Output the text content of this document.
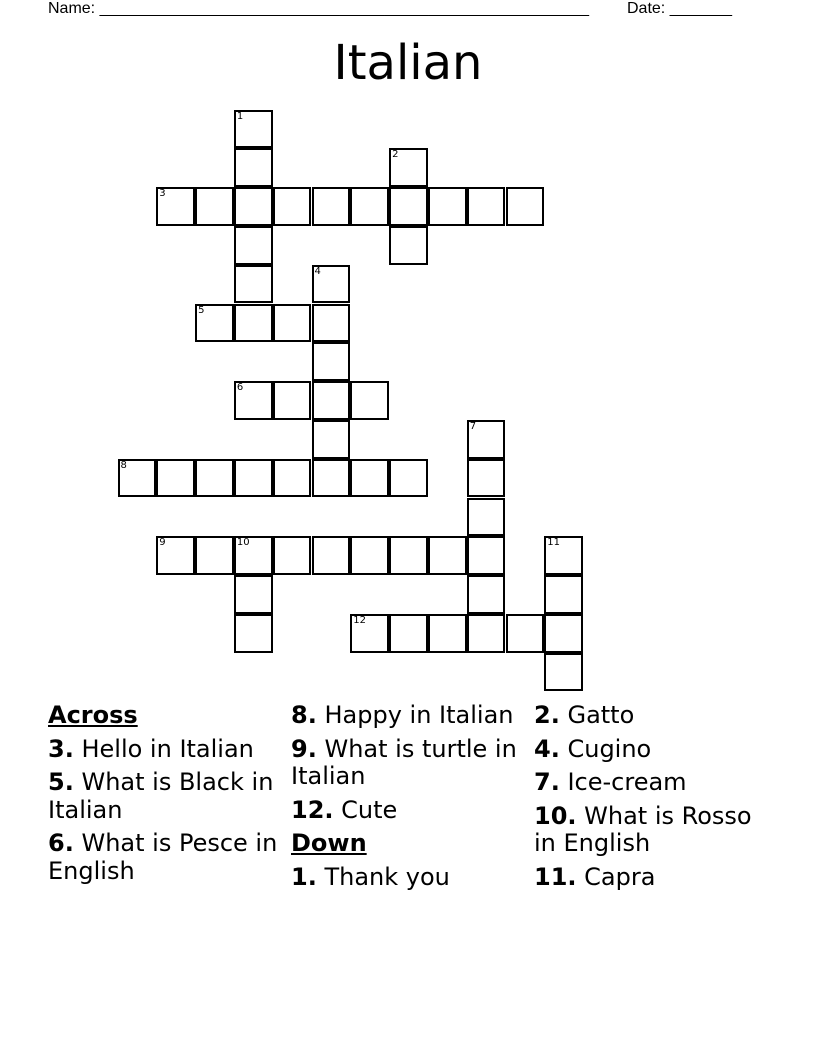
Name: _______________________________________________________ Date: _______
Italian
1
2
3
4
5
6
7
8
9	10	11
12
Across
3. Hello in Italian
5. What is Black in Italian
6. What is Pesce in English
8. Happy in Italian
9. What is turtle in Italian
12. Cute
Down
1. Thank you
2. Gatto
4. Cugino
7. Ice-cream
10. What is Rosso in English
11. Capra
